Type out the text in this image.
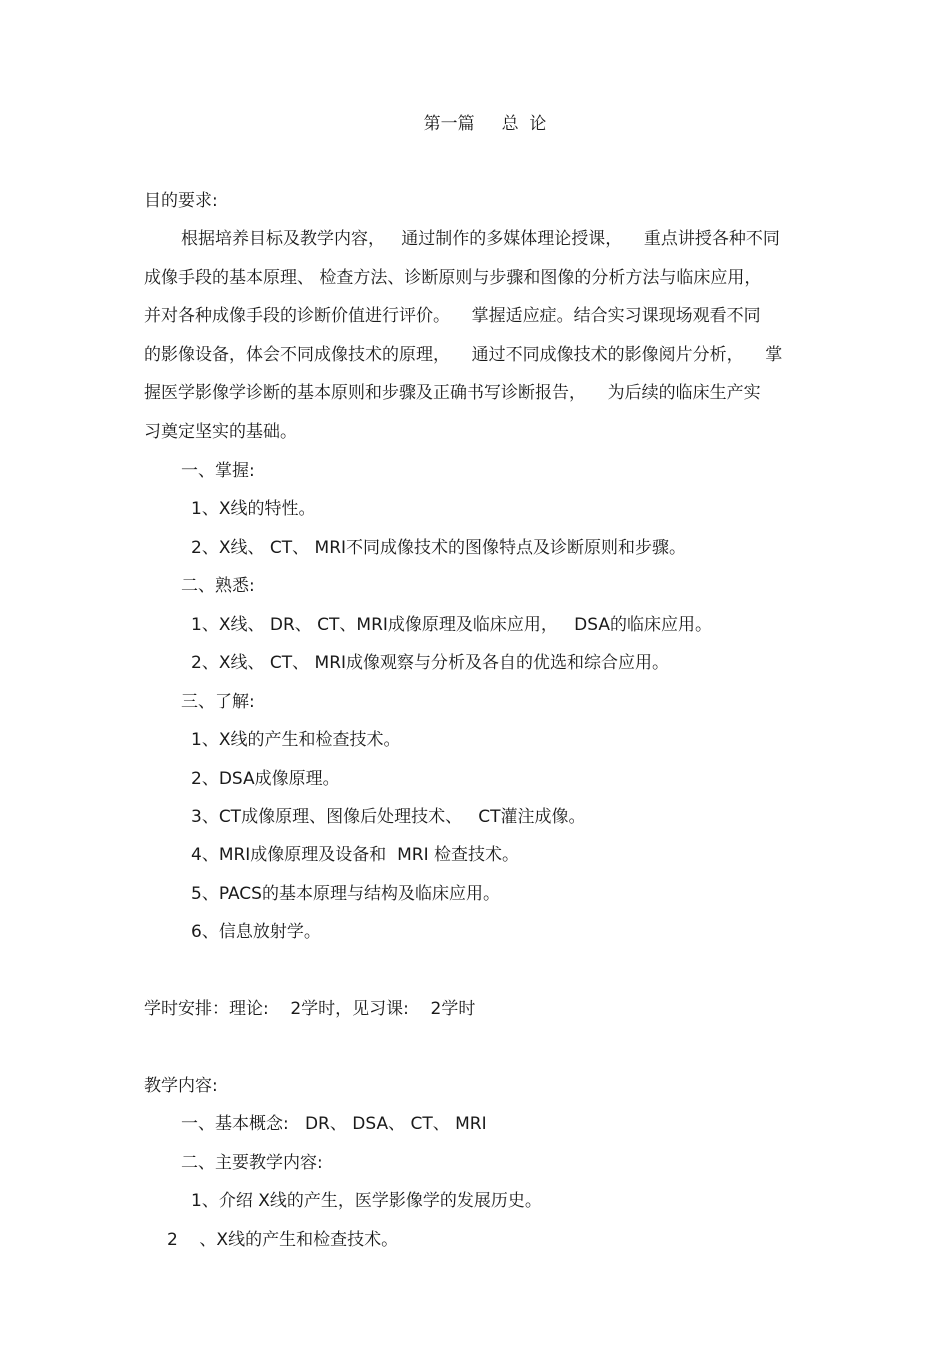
第一篇     总  论
目的要求:
根据培养目标及教学内容，   通过制作的多媒体理论授课，    重点讲授各种不同
成像手段的基本原理、 检查方法、诊断原则与步骤和图像的分析方法与临床应用，
并对各种成像手段的诊断价值进行评价。    掌握适应症。结合实习课现场观看不同
的影像设备，体会不同成像技术的原理，    通过不同成像技术的影像阅片分析，    掌
握医学影像学诊断的基本原则和步骤及正确书写诊断报告，    为后续的临床生产实
习奠定坚实的基础。
一、掌握:
1、X线的特性。
2、X线、 CT、 MRI不同成像技术的图像特点及诊断原则和步骤。
二、熟悉:
1、X线、 DR、 CT、MRI成像原理及临床应用，   DSA的临床应用。
2、X线、 CT、 MRI成像观察与分析及各自的优选和综合应用。
三、了解:
1、X线的产生和检查技术。
2、DSA成像原理。
3、CT成像原理、图像后处理技术、   CT灌注成像。
4、MRI成像原理及设备和  MRI 检查技术。
5、PACS的基本原理与结构及临床应用。
6、信息放射学。
学时安排：理论:    2学时，见习课:    2学时
教学内容:
一、基本概念:   DR、 DSA、 CT、 MRI
二、主要教学内容:
1、介绍 X线的产生，医学影像学的发展历史。
2    、X线的产生和检查技术。
